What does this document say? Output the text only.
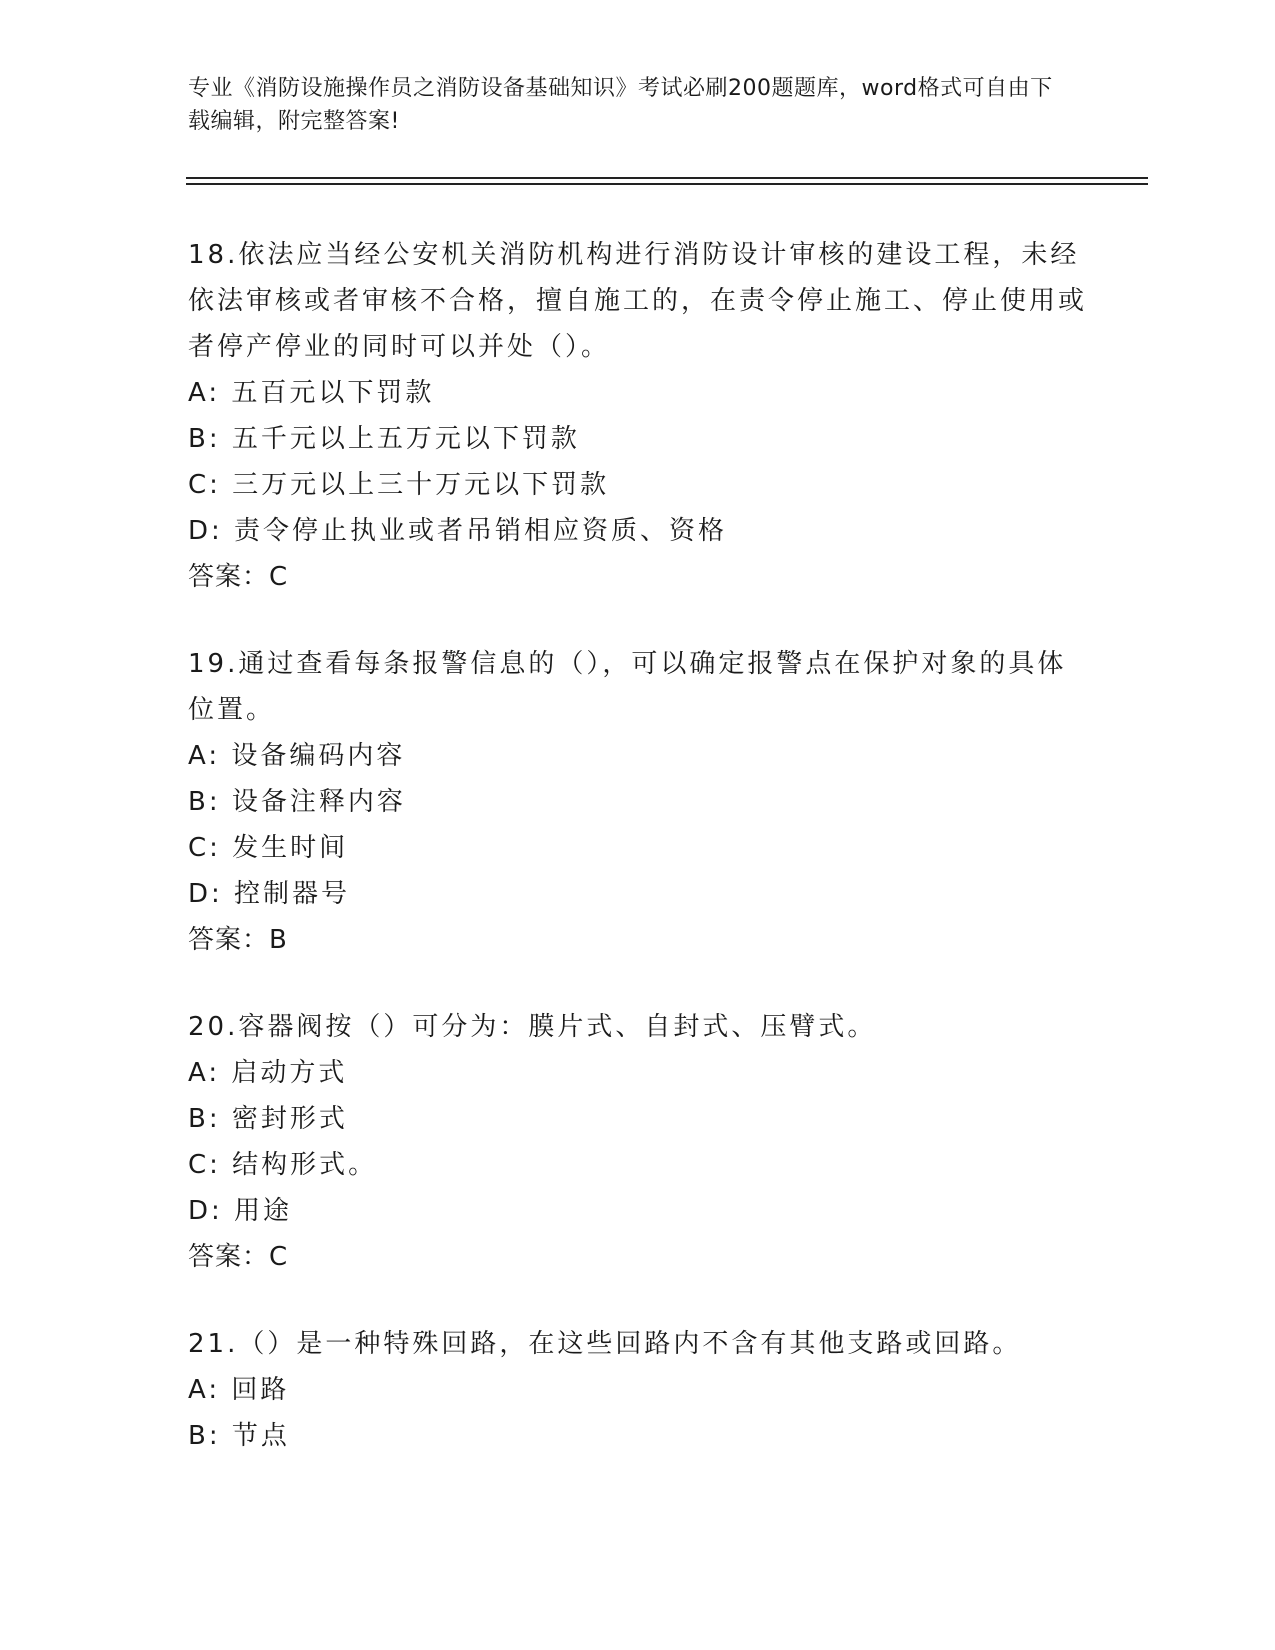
专业《消防设施操作员之消防设备基础知识》考试必刷200题题库，word格式可自由下载编辑，附完整答案!

18.依法应当经公安机关消防机构进行消防设计审核的建设工程，未经依法审核或者审核不合格，擅自施工的，在责令停止施工、停止使用或者停产停业的同时可以并处（）。

A: 五百元以下罚款

B: 五千元以上五万元以下罚款

C: 三万元以上三十万元以下罚款

D: 责令停止执业或者吊销相应资质、资格

答案：C

19.通过查看每条报警信息的（），可以确定报警点在保护对象的具体位置。

A: 设备编码内容

B: 设备注释内容

C: 发生时间

D: 控制器号

答案：B

20.容器阀按（）可分为：膜片式、自封式、压臂式。

A: 启动方式

B: 密封形式

C: 结构形式。

D: 用途

答案：C

21.（）是一种特殊回路，在这些回路内不含有其他支路或回路。

A: 回路

B: 节点
